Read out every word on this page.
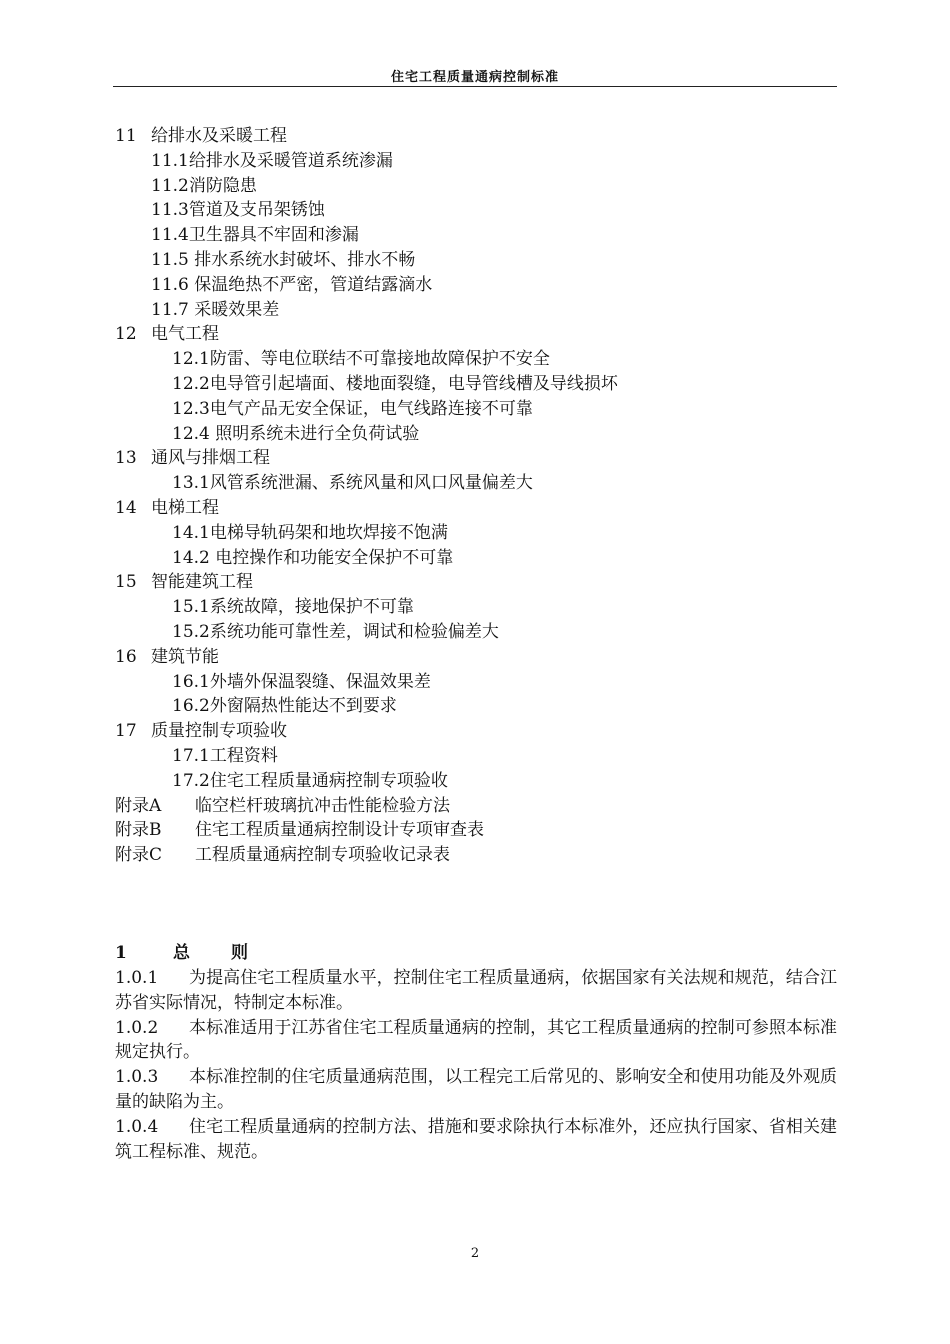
住宅工程质量通病控制标准
11 给排水及采暖工程
11.1给排水及采暖管道系统渗漏
11.2消防隐患
11.3管道及支吊架锈蚀
11.4卫生器具不牢固和渗漏
11.5 排水系统水封破坏、排水不畅
11.6 保温绝热不严密，管道结露滴水
11.7 采暖效果差
12 电气工程
12.1防雷、等电位联结不可靠接地故障保护不安全
12.2电导管引起墙面、楼地面裂缝，电导管线槽及导线损坏
12.3电气产品无安全保证，电气线路连接不可靠
12.4 照明系统未进行全负荷试验
13 通风与排烟工程
13.1风管系统泄漏、系统风量和风口风量偏差大
14 电梯工程
14.1电梯导轨码架和地坎焊接不饱满
14.2 电控操作和功能安全保护不可靠
15 智能建筑工程
15.1系统故障，接地保护不可靠
15.2系统功能可靠性差，调试和检验偏差大
16 建筑节能
16.1外墙外保温裂缝、保温效果差
16.2外窗隔热性能达不到要求
17 质量控制专项验收
17.1工程资料
17.2住宅工程质量通病控制专项验收
附录A 临空栏杆玻璃抗冲击性能检验方法
附录B 住宅工程质量通病控制设计专项审查表
附录C 工程质量通病控制专项验收记录表
1	总 则
1.0.1 为提高住宅工程质量水平，控制住宅工程质量通病，依据国家有关法规和规范，结合江苏省实际情况，特制定本标准。
1.0.2 本标准适用于江苏省住宅工程质量通病的控制，其它工程质量通病的控制可参照本标准规定执行。
1.0.3 本标准控制的住宅质量通病范围，以工程完工后常见的、影响安全和使用功能及外观质量的缺陷为主。
1.0.4 住宅工程质量通病的控制方法、措施和要求除执行本标准外，还应执行国家、省相关建筑工程标准、规范。
2
